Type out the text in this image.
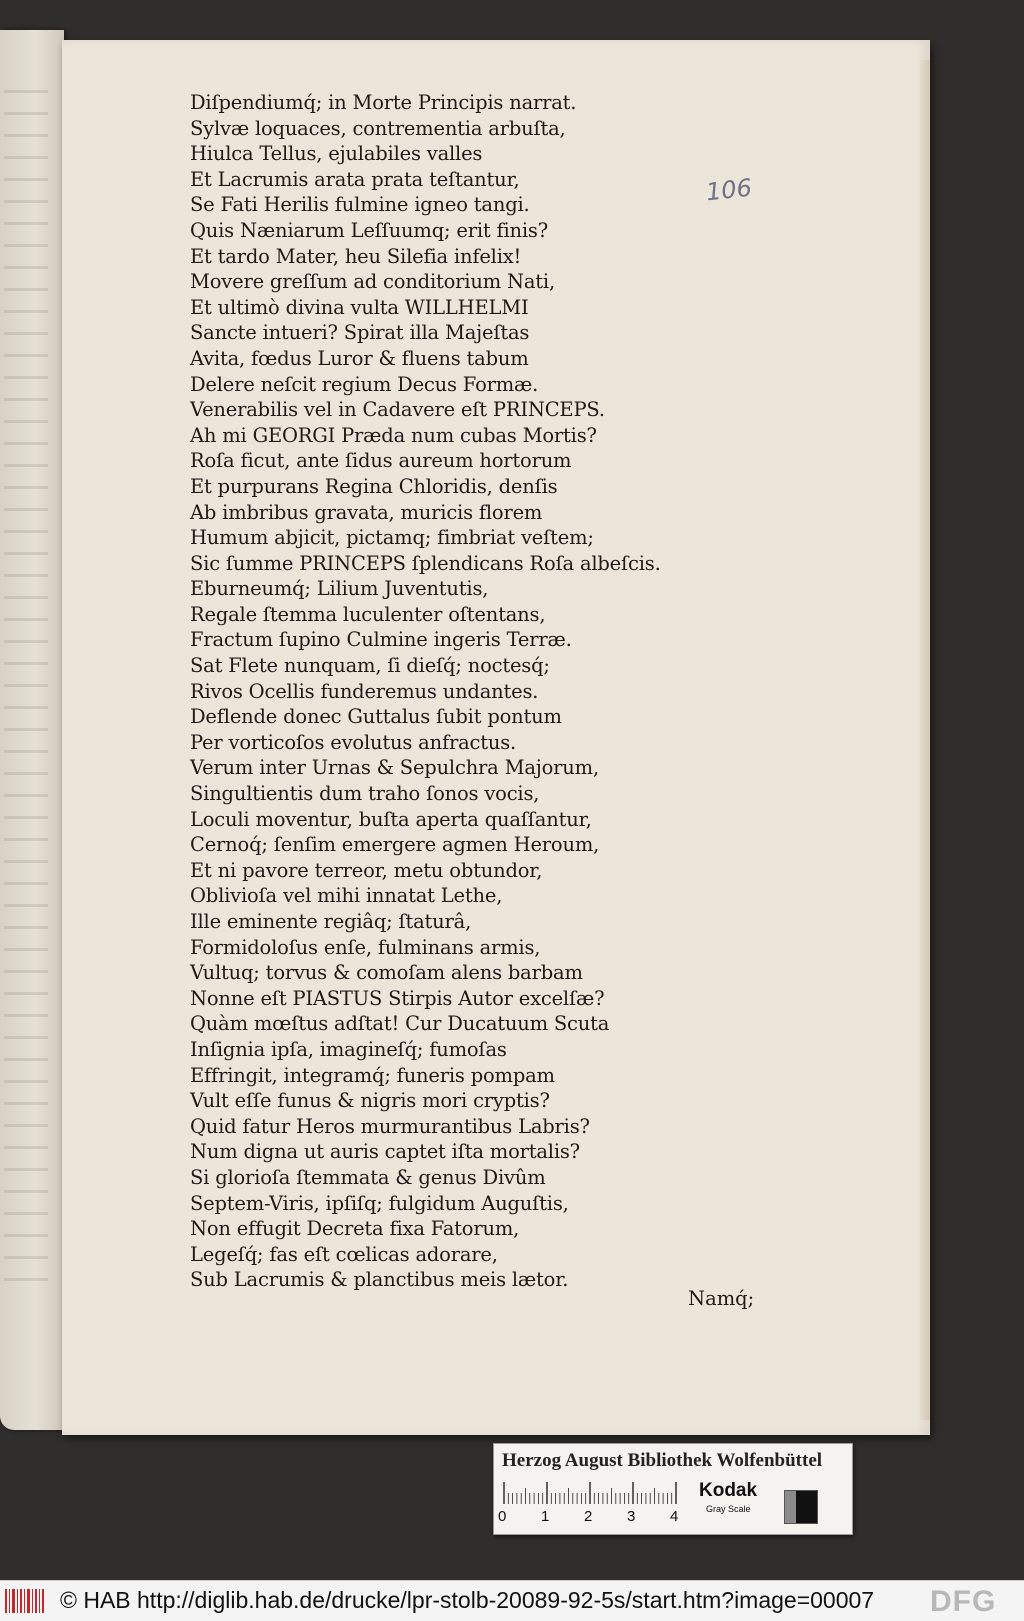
Diſpendiumq́; in Morte Principis narrat.
Sylvæ loquaces, contrementia arbuſta,
Hiulca Tellus, ejulabiles valles
Et Lacrumis arata prata teſtantur,
Se Fati Herilis fulmine igneo tangi.
Quis Næniarum Leſſuumq; erit finis?
Et tardo Mater, heu Silefia infelix!
Movere greſſum ad conditorium Nati,
Et ultimò divina vulta WILLHELMI
Sancte intueri? Spirat illa Majeſtas
Avita, fœdus Luror & fluens tabum
Delere neſcit regium Decus Formæ.
Venerabilis vel in Cadavere eſt PRINCEPS.
Ah mi GEORGI Præda num cubas Mortis?
Roſa ficut, ante ſidus aureum hortorum
Et purpurans Regina Chloridis, denſis
Ab imbribus gravata, muricis florem
Humum abjicit, pictamq; fimbriat veſtem;
Sic ſumme PRINCEPS ſplendicans Roſa albeſcis.
Eburneumq́; Lilium Juventutis,
Regale ſtemma luculenter oſtentans,
Fractum ſupino Culmine ingeris Terræ.
Sat Flete nunquam, ſi dieſq́; noctesq́;
Rivos Ocellis funderemus undantes.
Deflende donec Guttalus ſubit pontum
Per vorticoſos evolutus anfractus.
Verum inter Urnas & Sepulchra Majorum,
Singultientis dum traho ſonos vocis,
Loculi moventur, buſta aperta quaſſantur,
Cernoq́; ſenſim emergere agmen Heroum,
Et ni pavore terreor, metu obtundor,
Oblivioſa vel mihi innatat Lethe,
Ille eminente regiâq; ſtaturâ,
Formidoloſus enſe, fulminans armis,
Vultuq; torvus & comoſam alens barbam
Nonne eſt PIASTUS Stirpis Autor excelſæ?
Quàm mœſtus adſtat! Cur Ducatuum Scuta
Inſignia ipſa, imagineſq́; fumoſas
Effringit, integramq́; funeris pompam
Vult eſſe funus & nigris mori cryptis?
Quid fatur Heros murmurantibus Labris?
Num digna ut auris captet iſta mortalis?
Si glorioſa ſtemmata & genus Divûm
Septem-Viris, ipſiſq; fulgidum Auguſtis,
Non effugit Decreta fixa Fatorum,
Legeſq́; fas eſt cœlicas adorare,
Sub Lacrumis & planctibus meis lætor.
Namq́;
106
Herzog August Bibliothek Wolfenbüttel
0 1 2 3 4
Kodak
Gray Scale
© HAB http://diglib.hab.de/drucke/lpr-stolb-20089-92-5s/start.htm?image=00007 DFG
